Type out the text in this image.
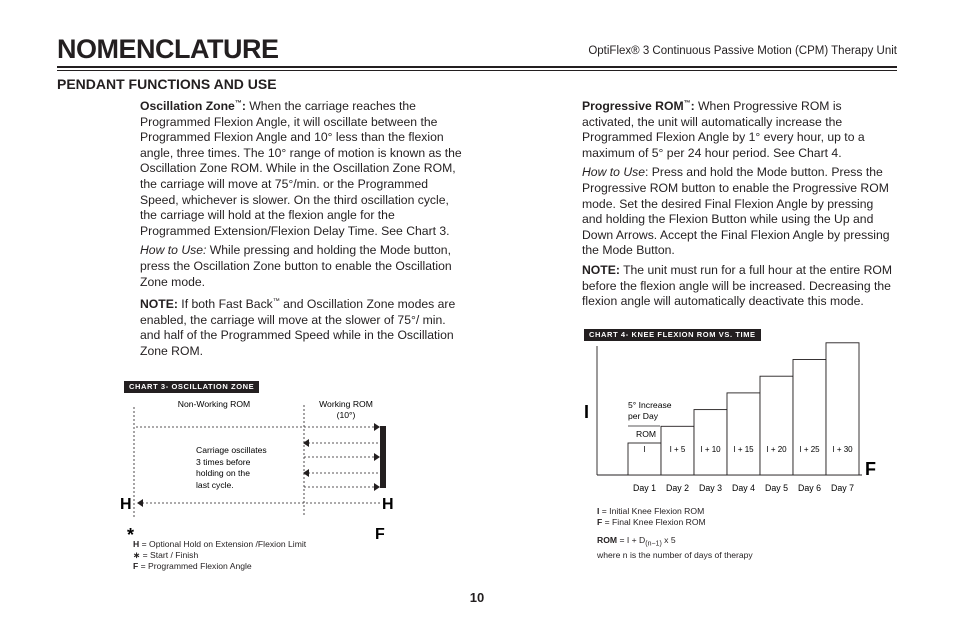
NOMENCLATURE	OptiFlex® 3 Continuous Passive Motion (CPM) Therapy Unit
PENDANT FUNCTIONS AND USE

Oscillation Zone™: When the carriage reaches the Programmed Flexion Angle, it will oscillate between the Programmed Flexion Angle and 10° less than the flexion angle, three times. The 10° range of motion is known as the Oscillation Zone ROM. While in the Oscillation Zone ROM, the carriage will move at 75°/min. or the Programmed Speed, whichever is slower. On the third oscillation cycle, the carriage will hold at the flexion angle for the Programmed Extension/Flexion Delay Time. See Chart 3.

How to Use: While pressing and holding the Mode button, press the Oscillation Zone button to enable the Oscillation Zone mode.

NOTE: If both Fast Back™ and Oscillation Zone modes are enabled, the carriage will move at the slower of 75°/ min. and half of the Programmed Speed while in the Oscillation Zone ROM.

Progressive ROM™: When Progressive ROM is activated, the unit will automatically increase the Programmed Flexion Angle by 1° every hour, up to a maximum of 5° per 24 hour period. See Chart 4.

How to Use: Press and hold the Mode button. Press the Progressive ROM button to enable the Progressive ROM mode. Set the desired Final Flexion Angle by pressing and holding the Flexion Button while using the Up and Down Arrows. Accept the Final Flexion Angle by pressing the Mode Button.

NOTE: The unit must run for a full hour at the entire ROM before the flexion angle will be increased. Decreasing the flexion angle will automatically deactivate this mode.

CHART 3- OSCILLATION ZONE
Non-Working ROM	Working ROM
(10°)
Carriage oscillates
3 times before
holding on the
last cycle.
H	H
*	F
H = Optional Hold on Extension /Flexion Limit
∗ = Start / Finish
F = Programmed Flexion Angle
CHART 4- KNEE FLEXION ROM VS. TIME
I
F
5° Increase
per Day
ROM
I
Day 1
I + 5
Day 2
I + 10
Day 3
I + 15
Day 4
I + 20
Day 5
I + 25
Day 6
I + 30
Day 7
I = Initial Knee Flexion ROM
F = Final Knee Flexion ROM
ROM = $I + D_{(n-1)}$ x 5
where n is the number of days of therapy
10
